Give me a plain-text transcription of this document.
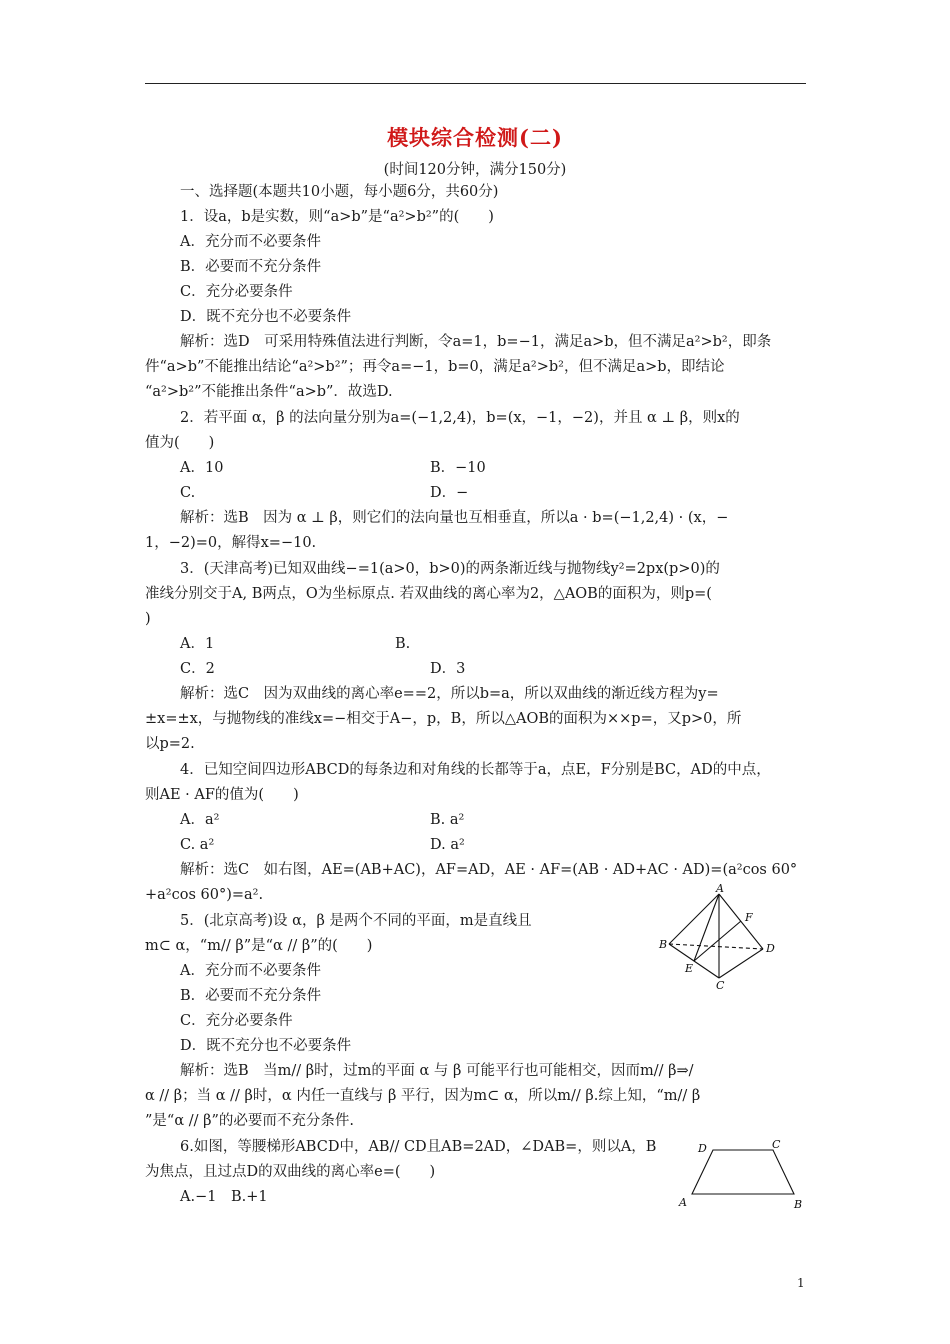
模块综合检测(二)
(时间120分钟，满分150分)
一、选择题(本题共10小题，每小题6分，共60分)
1．设a，b是实数，则“a>b”是“a²>b²”的(　　)
A．充分而不必要条件
B．必要而不充分条件
C．充分必要条件
D．既不充分也不必要条件
解析：选D　可采用特殊值法进行判断，令a=1，b=−1，满足a>b，但不满足a²>b²，即条
件“a>b”不能推出结论“a²>b²”；再令a=−1，b=0，满足a²>b²，但不满足a>b，即结论
“a²>b²”不能推出条件“a>b”．故选D.
2．若平面 α，β 的法向量分别为a=(−1,2,4)，b=(x，−1，−2)，并且 α ⊥ β，则x的
值为(　　)
A．10	B．−10
C.	D．−
解析：选B　因为 α ⊥ β，则它们的法向量也互相垂直，所以a · b=(−1,2,4) · (x，−
1，−2)=0，解得x=−10.
3．(天津高考)已知双曲线−=1(a>0，b>0)的两条渐近线与抛物线y²=2px(p>0)的
准线分别交于A, B两点，O为坐标原点. 若双曲线的离心率为2，△AOB的面积为，则p=(
)
A．1	B.
C．2	D．3
解析：选C　因为双曲线的离心率e==2，所以b=a，所以双曲线的渐近线方程为y=
±x=±x，与抛物线的准线x=−相交于A−，p，B，所以△AOB的面积为××p=，又p>0，所
以p=2.
4．已知空间四边形ABCD的每条边和对角线的长都等于a，点E，F分别是BC，AD的中点，
则AE · AF的值为(　　)
A．a²	B. a²
C. a²	D. a²
解析：选C　如右图，AE=(AB+AC)，AF=AD，AE · AF=(AB · AD+AC · AD)=(a²cos 60°
+a²cos 60°)=a².
5．(北京高考)设 α，β 是两个不同的平面，m是直线且
m⊂ α，“m// β”是“α // β”的(　　)
A．充分而不必要条件
B．必要而不充分条件
C．充分必要条件
D．既不充分也不必要条件
解析：选B　当m// β时，过m的平面 α 与 β 可能平行也可能相交，因而m// β⇒/
α // β；当 α // β时，α 内任一直线与 β 平行，因为m⊂ α，所以m// β.综上知，“m// β
”是“α // β”的必要而不充分条件.
6.如图，等腰梯形ABCD中，AB// CD且AB=2AD，∠DAB=，则以A，B
为焦点，且过点D的双曲线的离心率e=(　　)
A.−1　B.+1
A
B
C
D
E
F
A	B
C
D
1
